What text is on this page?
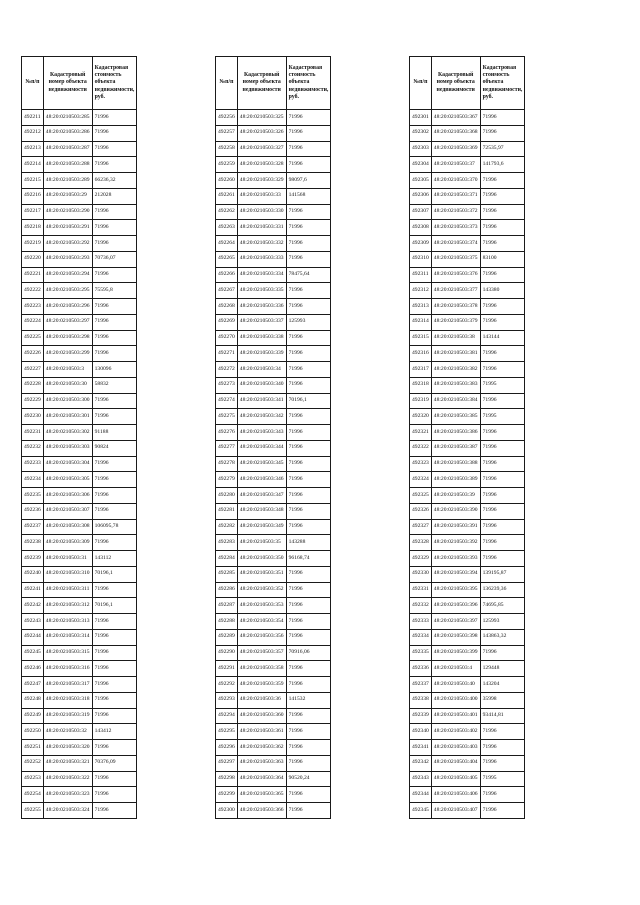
№п/п	Кадастровый номер объекта недвижимости	Кадастровая стоимость объекта недвижимости, руб.
492211	48:20:0210503:285	71996
492212	48:20:0210503:286	71996
492213	48:20:0210503:287	71996
492214	48:20:0210503:288	71996
492215	48:20:0210503:289	66236,32
492216	48:20:0210503:29	212028
492217	48:20:0210503:290	71996
492218	48:20:0210503:291	71996
492219	48:20:0210503:292	71996
492220	48:20:0210503:293	70736,07
492221	48:20:0210503:294	71996
492222	48:20:0210503:295	75595,8
492223	48:20:0210503:296	71996
492224	48:20:0210503:297	71996
492225	48:20:0210503:298	71996
492226	48:20:0210503:299	71996
492227	48:20:0210503:3	130096
492228	48:20:0210503:30	58832
492229	48:20:0210503:300	71996
492230	48:20:0210503:301	71996
492231	48:20:0210503:302	91188
492232	48:20:0210503:303	90824
492233	48:20:0210503:304	71996
492234	48:20:0210503:305	71996
492235	48:20:0210503:306	71996
492236	48:20:0210503:307	71996
492237	48:20:0210503:308	106095,78
492238	48:20:0210503:309	71996
492239	48:20:0210503:31	143112
492240	48:20:0210503:310	70196,1
492241	48:20:0210503:311	71996
492242	48:20:0210503:312	70196,1
492243	48:20:0210503:313	71996
492244	48:20:0210503:314	71996
492245	48:20:0210503:315	71996
492246	48:20:0210503:316	71996
492247	48:20:0210503:317	71996
492248	48:20:0210503:318	71996
492249	48:20:0210503:319	71996
492250	48:20:0210503:32	143412
492251	48:20:0210503:320	71996
492252	48:20:0210503:321	70376,09
492253	48:20:0210503:322	71996
492254	48:20:0210503:323	71996
492255	48:20:0210503:324	71996
№п/п	Кадастровый номер объекта недвижимости	Кадастровая стоимость объекта недвижимости, руб.
492256	48:20:0210503:325	71996
492257	48:20:0210503:326	71996
492258	48:20:0210503:327	71996
492259	48:20:0210503:328	71996
492260	48:20:0210503:329	98097,6
492261	48:20:0210503:33	141568
492262	48:20:0210503:330	71996
492263	48:20:0210503:331	71996
492264	48:20:0210503:332	71996
492265	48:20:0210503:333	71996
492266	48:20:0210503:334	78475,64
492267	48:20:0210503:335	71996
492268	48:20:0210503:336	71996
492269	48:20:0210503:337	125993
492270	48:20:0210503:338	71996
492271	48:20:0210503:339	71996
492272	48:20:0210503:34	71996
492273	48:20:0210503:340	71996
492274	48:20:0210503:341	70196,1
492275	48:20:0210503:342	71996
492276	48:20:0210503:343	71996
492277	48:20:0210503:344	71996
492278	48:20:0210503:345	71996
492279	48:20:0210503:346	71996
492280	48:20:0210503:347	71996
492281	48:20:0210503:348	71996
492282	48:20:0210503:349	71996
492283	48:20:0210503:35	143288
492284	48:20:0210503:350	96168,74
492285	48:20:0210503:351	71996
492286	48:20:0210503:352	71996
492287	48:20:0210503:353	71996
492288	48:20:0210503:354	71996
492289	48:20:0210503:356	71996
492290	48:20:0210503:357	70916,06
492291	48:20:0210503:358	71996
492292	48:20:0210503:359	71996
492293	48:20:0210503:36	141532
492294	48:20:0210503:360	71996
492295	48:20:0210503:361	71996
492296	48:20:0210503:362	71996
492297	48:20:0210503:363	71996
492298	48:20:0210503:364	90520,24
492299	48:20:0210503:365	71996
492300	48:20:0210503:366	71996
№п/п	Кадастровый номер объекта недвижимости	Кадастровая стоимость объекта недвижимости, руб.
492301	48:20:0210503:367	71996
492302	48:20:0210503:368	71996
492303	48:20:0210503:369	72535,97
492304	48:20:0210503:37	141793,6
492305	48:20:0210503:370	71996
492306	48:20:0210503:371	71996
492307	48:20:0210503:372	71996
492308	48:20:0210503:373	71996
492309	48:20:0210503:374	71996
492310	48:20:0210503:375	83100
492311	48:20:0210503:376	71996
492312	48:20:0210503:377	143380
492313	48:20:0210503:378	71996
492314	48:20:0210503:379	71996
492315	48:20:0210503:38	143144
492316	48:20:0210503:381	71996
492317	48:20:0210503:382	71996
492318	48:20:0210503:383	71995
492319	48:20:0210503:384	71996
492320	48:20:0210503:385	71995
492321	48:20:0210503:386	71996
492322	48:20:0210503:387	71996
492323	48:20:0210503:388	71996
492324	48:20:0210503:389	71996
492325	48:20:0210503:39	71996
492326	48:20:0210503:390	71996
492327	48:20:0210503:391	71996
492328	48:20:0210503:392	71996
492329	48:20:0210503:393	71996
492330	48:20:0210503:394	139195,87
492331	48:20:0210503:395	136239,36
492332	48:20:0210503:396	74695,85
492333	48:20:0210503:397	125993
492334	48:20:0210503:398	143863,32
492335	48:20:0210503:399	71996
492336	48:20:0210503:4	129448
492337	48:20:0210503:40	143204
492338	48:20:0210503:400	35998
492339	48:20:0210503:401	93414,81
492340	48:20:0210503:402	71996
492341	48:20:0210503:403	71996
492342	48:20:0210503:404	71996
492343	48:20:0210503:405	71995
492344	48:20:0210503:406	71996
492345	48:20:0210503:407	71996
